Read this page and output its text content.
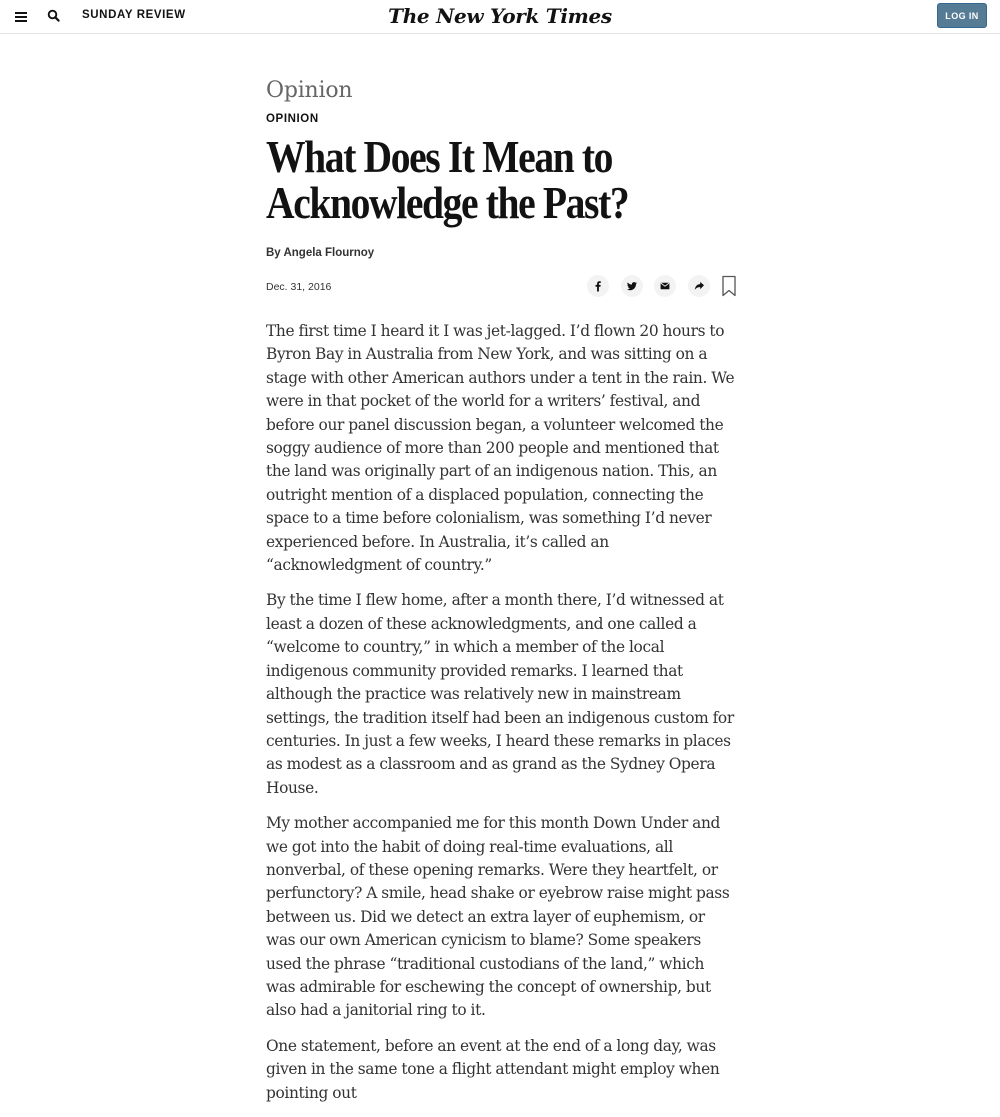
SUNDAY REVIEW	The New York Times	LOG IN
Opinion
OPINION
What Does It Mean to Acknowledge the Past?
By Angela Flournoy
Dec. 31, 2016

The first time I heard it I was jet-lagged. I’d flown 20 hours to Byron Bay in Australia from New York, and was sitting on a stage with other American authors under a tent in the rain. We were in that pocket of the world for a writers’ festival, and before our panel discussion began, a volunteer welcomed the soggy audience of more than 200 people and mentioned that the land was originally part of an indigenous nation. This, an outright mention of a displaced population, connecting the space to a time before colonialism, was something I’d never experienced before. In Australia, it’s called an “acknowledgment of country.”

By the time I flew home, after a month there, I’d witnessed at least a dozen of these acknowledgments, and one called a “welcome to country,” in which a member of the local indigenous community provided remarks. I learned that although the practice was relatively new in mainstream settings, the tradition itself had been an indigenous custom for centuries. In just a few weeks, I heard these remarks in places as modest as a classroom and as grand as the Sydney Opera House.

My mother accompanied me for this month Down Under and we got into the habit of doing real-time evaluations, all nonverbal, of these opening remarks. Were they heartfelt, or perfunctory? A smile, head shake or eyebrow raise might pass between us. Did we detect an extra layer of euphemism, or was our own American cynicism to blame? Some speakers used the phrase “traditional custodians of the land,” which was admirable for eschewing the concept of ownership, but also had a janitorial ring to it.

One statement, before an event at the end of a long day, was given in the same tone a flight attendant might employ when pointing out
